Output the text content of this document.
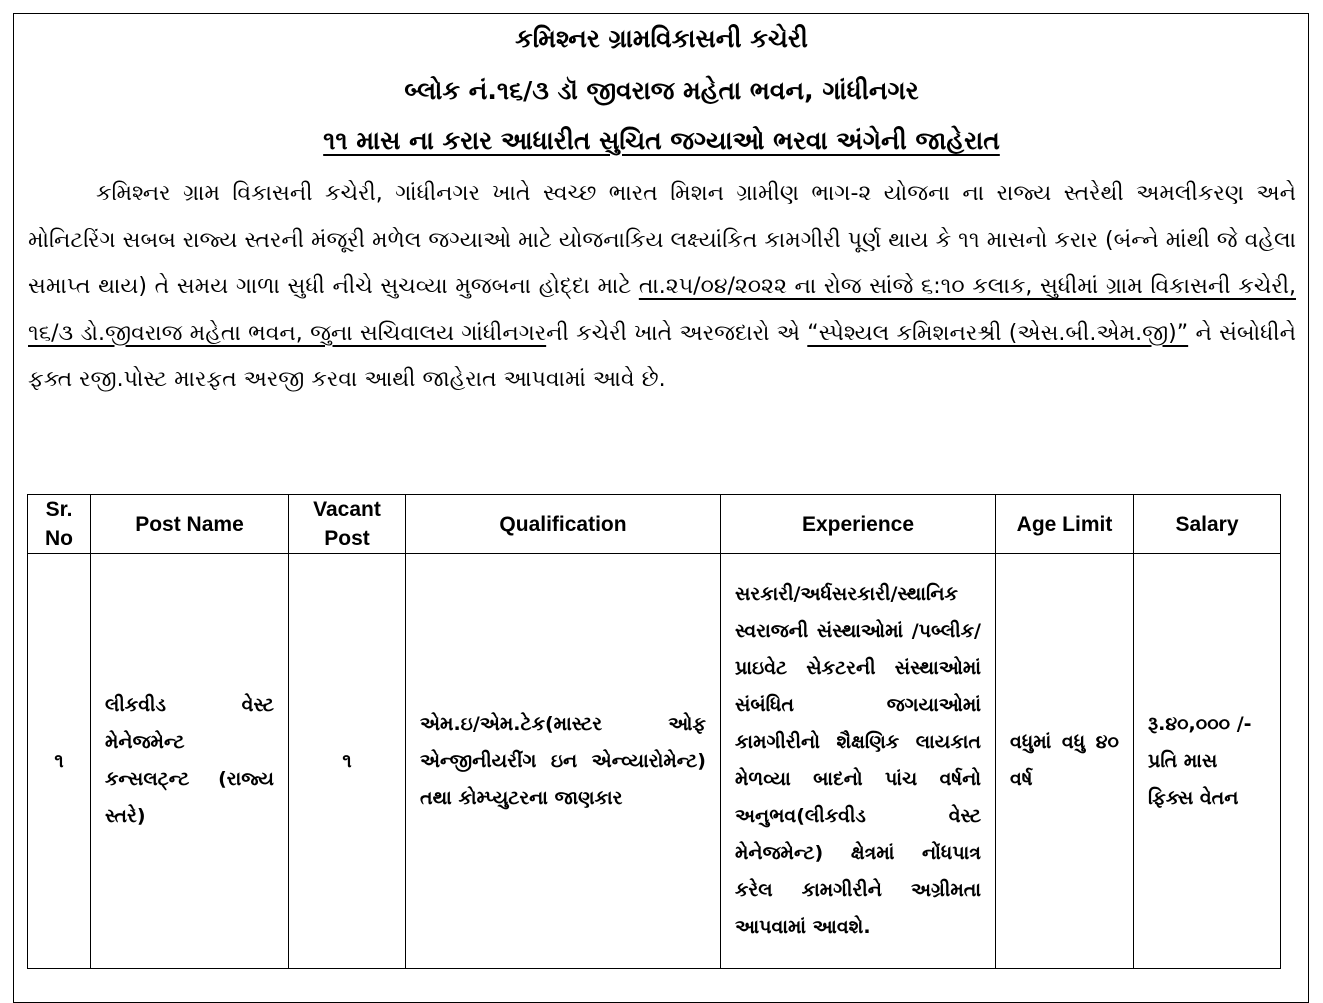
કમિશ્નર ગ્રામવિકાસની કચેરી
બ્લોક નં.૧૬/૩ ડૉ જીવરાજ મહેતા ભવન, ગાંધીનગર
૧૧ માસ ના કરાર આધારીત સુચિત જગ્યાઓ ભરવા અંગેની જાહેરાત
કમિશ્નર ગ્રામ વિકાસની કચેરી, ગાંધીનગર ખાતે સ્વચ્છ ભારત મિશન ગ્રામીણ ભાગ-૨ યોજના ના રાજ્ય સ્તરેથી અમલીકરણ અને મોનિટરિંગ સબબ રાજ્ય સ્તરની મંજૂરી મળેલ જગ્યાઓ માટે યોજનાકિય લક્ષ્યાંકિત કામગીરી પૂર્ણ થાય કે ૧૧ માસનો કરાર (બંન્ને માંથી જે વહેલા સમાપ્ત થાય) તે સમય ગાળા સુધી નીચે સુચવ્યા મુજબના હોદ્દા માટે તા.૨૫/૦૪/૨૦૨૨ ના રોજ સાંજે ૬:૧૦ કલાક, સુધીમાં ગ્રામ વિકાસની કચેરી, ૧૬/૩ ડો.જીવરાજ મહેતા ભવન, જુના સચિવાલય ગાંધીનગરની કચેરી ખાતે અરજદારો એ “સ્પેશ્યલ કમિશનરશ્રી (એસ.બી.એમ.જી)” ને સંબોધીને ફક્ત રજી.પોસ્ટ મારફત અરજી કરવા આથી જાહેરાત આપવામાં આવે છે.
Sr. No	Post Name	Vacant Post	Qualification	Experience	Age Limit	Salary
૧	લીકવીડ વેસ્ટ મેનેજમેન્ટ કન્સલટ્ન્ટ (રાજ્ય સ્તરે)	૧	એમ.ઇ/એમ.ટેક(માસ્ટર ઓફ એન્જીનીયરીંગ ઇન એન્વ્યારોમેન્ટ) તથા કોમ્પ્યુટરના જાણકાર	સરકારી/અર્ધસરકારી/સ્થાનિક સ્વરાજની સંસ્થાઓમાં /પબ્લીક/પ્રાઇવેટ સેકટરની સંસ્થાઓમાં સંબંધિત જગયાઓમાં કામગીરીનો શૈક્ષણિક લાયકાત મેળવ્યા બાદનો પાંચ વર્ષનો અનુભવ(લીકવીડ વેસ્ટ મેનેજમેન્ટ) ક્ષેત્રમાં નોંધપાત્ર કરેલ કામગીરીને અગ્રીમતા આપવામાં આવશે.	વધુમાં વધુ ૪૦ વર્ષ	રૂ.૪૦,૦૦૦ /-પ્રતિ માસ ફિક્સ વેતન
